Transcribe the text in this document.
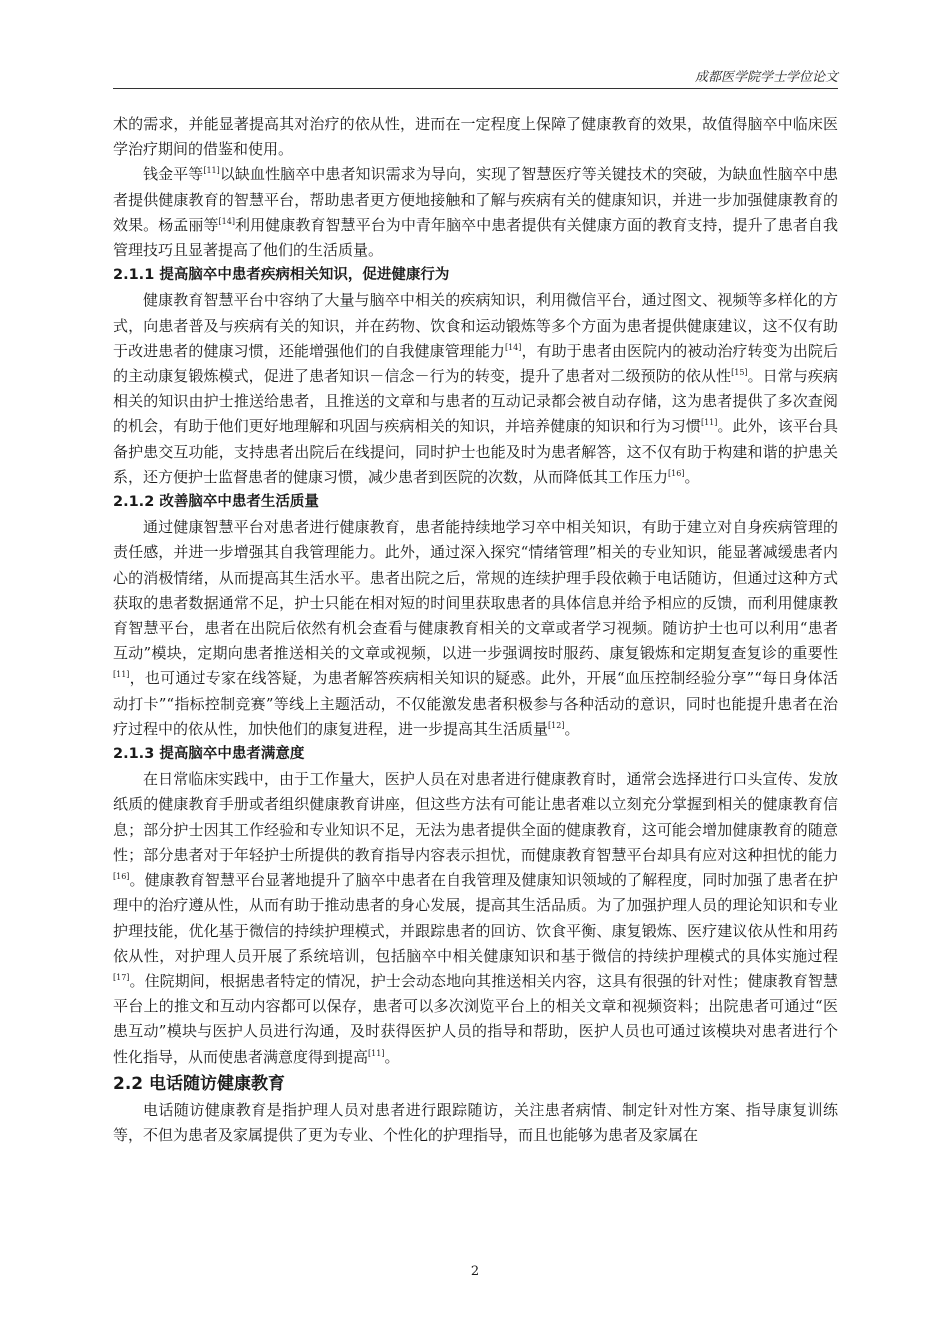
成都医学院学士学位论文

术的需求，并能显著提高其对治疗的依从性，进而在一定程度上保障了健康教育的效果，故值得脑卒中临床医学治疗期间的借鉴和使用。

钱金平等[11]以缺血性脑卒中患者知识需求为导向，实现了智慧医疗等关键技术的突破，为缺血性脑卒中患者提供健康教育的智慧平台，帮助患者更方便地接触和了解与疾病有关的健康知识，并进一步加强健康教育的效果。杨孟丽等[14]利用健康教育智慧平台为中青年脑卒中患者提供有关健康方面的教育支持，提升了患者自我管理技巧且显著提高了他们的生活质量。

2.1.1 提高脑卒中患者疾病相关知识，促进健康行为

健康教育智慧平台中容纳了大量与脑卒中相关的疾病知识，利用微信平台，通过图文、视频等多样化的方式，向患者普及与疾病有关的知识，并在药物、饮食和运动锻炼等多个方面为患者提供健康建议，这不仅有助于改进患者的健康习惯，还能增强他们的自我健康管理能力[14]，有助于患者由医院内的被动治疗转变为出院后的主动康复锻炼模式，促进了患者知识－信念－行为的转变，提升了患者对二级预防的依从性[15]。日常与疾病相关的知识由护士推送给患者，且推送的文章和与患者的互动记录都会被自动存储，这为患者提供了多次查阅的机会，有助于他们更好地理解和巩固与疾病相关的知识，并培养健康的知识和行为习惯[11]。此外，该平台具备护患交互功能，支持患者出院后在线提问，同时护士也能及时为患者解答，这不仅有助于构建和谐的护患关系，还方便护士监督患者的健康习惯，减少患者到医院的次数，从而降低其工作压力[16]。

2.1.2 改善脑卒中患者生活质量

通过健康智慧平台对患者进行健康教育，患者能持续地学习卒中相关知识，有助于建立对自身疾病管理的责任感，并进一步增强其自我管理能力。此外，通过深入探究“情绪管理”相关的专业知识，能显著减缓患者内心的消极情绪，从而提高其生活水平。患者出院之后，常规的连续护理手段依赖于电话随访，但通过这种方式获取的患者数据通常不足，护士只能在相对短的时间里获取患者的具体信息并给予相应的反馈，而利用健康教育智慧平台，患者在出院后依然有机会查看与健康教育相关的文章或者学习视频。随访护士也可以利用“患者互动”模块，定期向患者推送相关的文章或视频，以进一步强调按时服药、康复锻炼和定期复查复诊的重要性[11]，也可通过专家在线答疑，为患者解答疾病相关知识的疑惑。此外，开展“血压控制经验分享”“每日身体活动打卡”“指标控制竞赛”等线上主题活动，不仅能激发患者积极参与各种活动的意识，同时也能提升患者在治疗过程中的依从性，加快他们的康复进程，进一步提高其生活质量[12]。

2.1.3 提高脑卒中患者满意度

在日常临床实践中，由于工作量大，医护人员在对患者进行健康教育时，通常会选择进行口头宣传、发放纸质的健康教育手册或者组织健康教育讲座，但这些方法有可能让患者难以立刻充分掌握到相关的健康教育信息；部分护士因其工作经验和专业知识不足，无法为患者提供全面的健康教育，这可能会增加健康教育的随意性；部分患者对于年轻护士所提供的教育指导内容表示担忧，而健康教育智慧平台却具有应对这种担忧的能力[16]。健康教育智慧平台显著地提升了脑卒中患者在自我管理及健康知识领域的了解程度，同时加强了患者在护理中的治疗遵从性，从而有助于推动患者的身心发展，提高其生活品质。为了加强护理人员的理论知识和专业护理技能，优化基于微信的持续护理模式，并跟踪患者的回访、饮食平衡、康复锻炼、医疗建议依从性和用药依从性，对护理人员开展了系统培训，包括脑卒中相关健康知识和基于微信的持续护理模式的具体实施过程[17]。住院期间，根据患者特定的情况，护士会动态地向其推送相关内容，这具有很强的针对性；健康教育智慧平台上的推文和互动内容都可以保存，患者可以多次浏览平台上的相关文章和视频资料；出院患者可通过“医患互动”模块与医护人员进行沟通，及时获得医护人员的指导和帮助，医护人员也可通过该模块对患者进行个性化指导，从而使患者满意度得到提高[11]。

2.2 电话随访健康教育

电话随访健康教育是指护理人员对患者进行跟踪随访，关注患者病情、制定针对性方案、指导康复训练等，不但为患者及家属提供了更为专业、个性化的护理指导，而且也能够为患者及家属在

2
